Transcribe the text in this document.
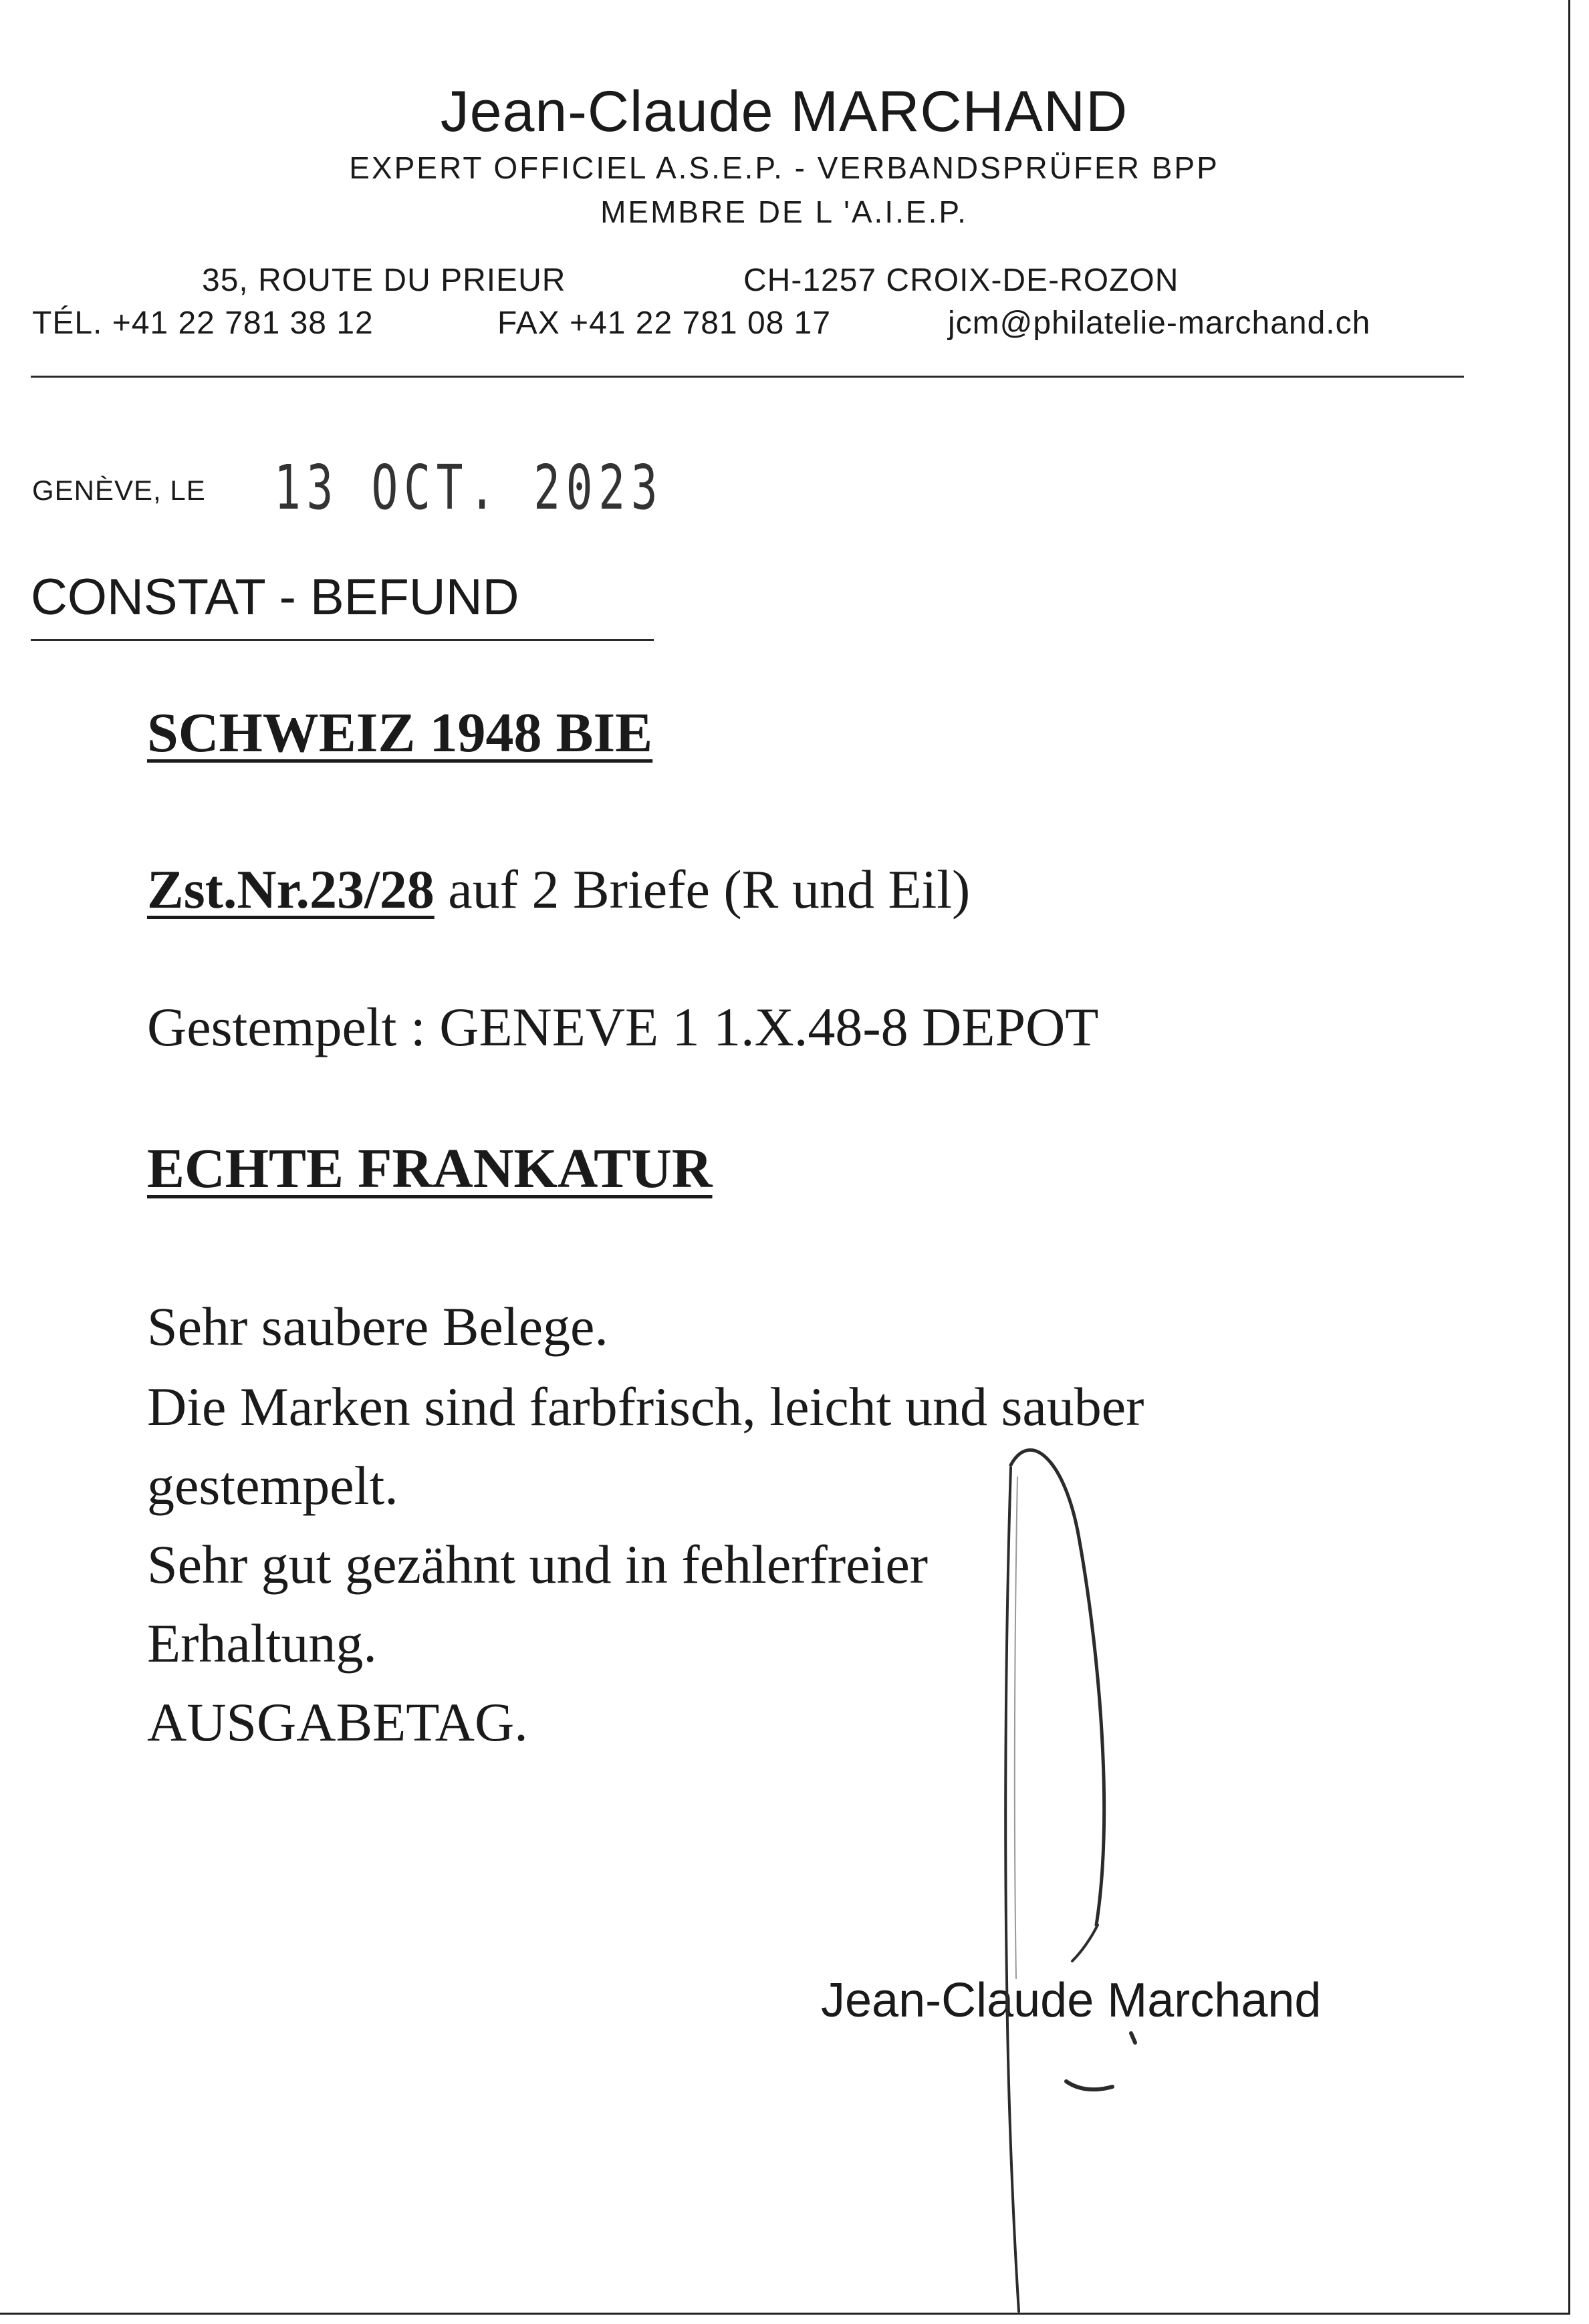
Jean-Claude MARCHAND
EXPERT OFFICIEL A.S.E.P. - VERBANDSPRÜFER BPP
MEMBRE DE L 'A.I.E.P.
35, ROUTE DU PRIEUR	CH-1257 CROIX-DE-ROZON
TÉL. +41 22 781 38 12	FAX +41 22 781 08 17	jcm@philatelie-marchand.ch
GENÈVE, LE 13 OCT. 2023
CONSTAT - BEFUND
SCHWEIZ 1948 BIE
Zst.Nr.23/28 auf 2 Briefe (R und Eil)
Gestempelt : GENEVE 1 1.X.48-8 DEPOT
ECHTE FRANKATUR
Sehr saubere Belege.
Die Marken sind farbfrisch, leicht und sauber
gestempelt.
Sehr gut gezähnt und in fehlerfreier
Erhaltung.
AUSGABETAG.
Jean-Claude Marchand
